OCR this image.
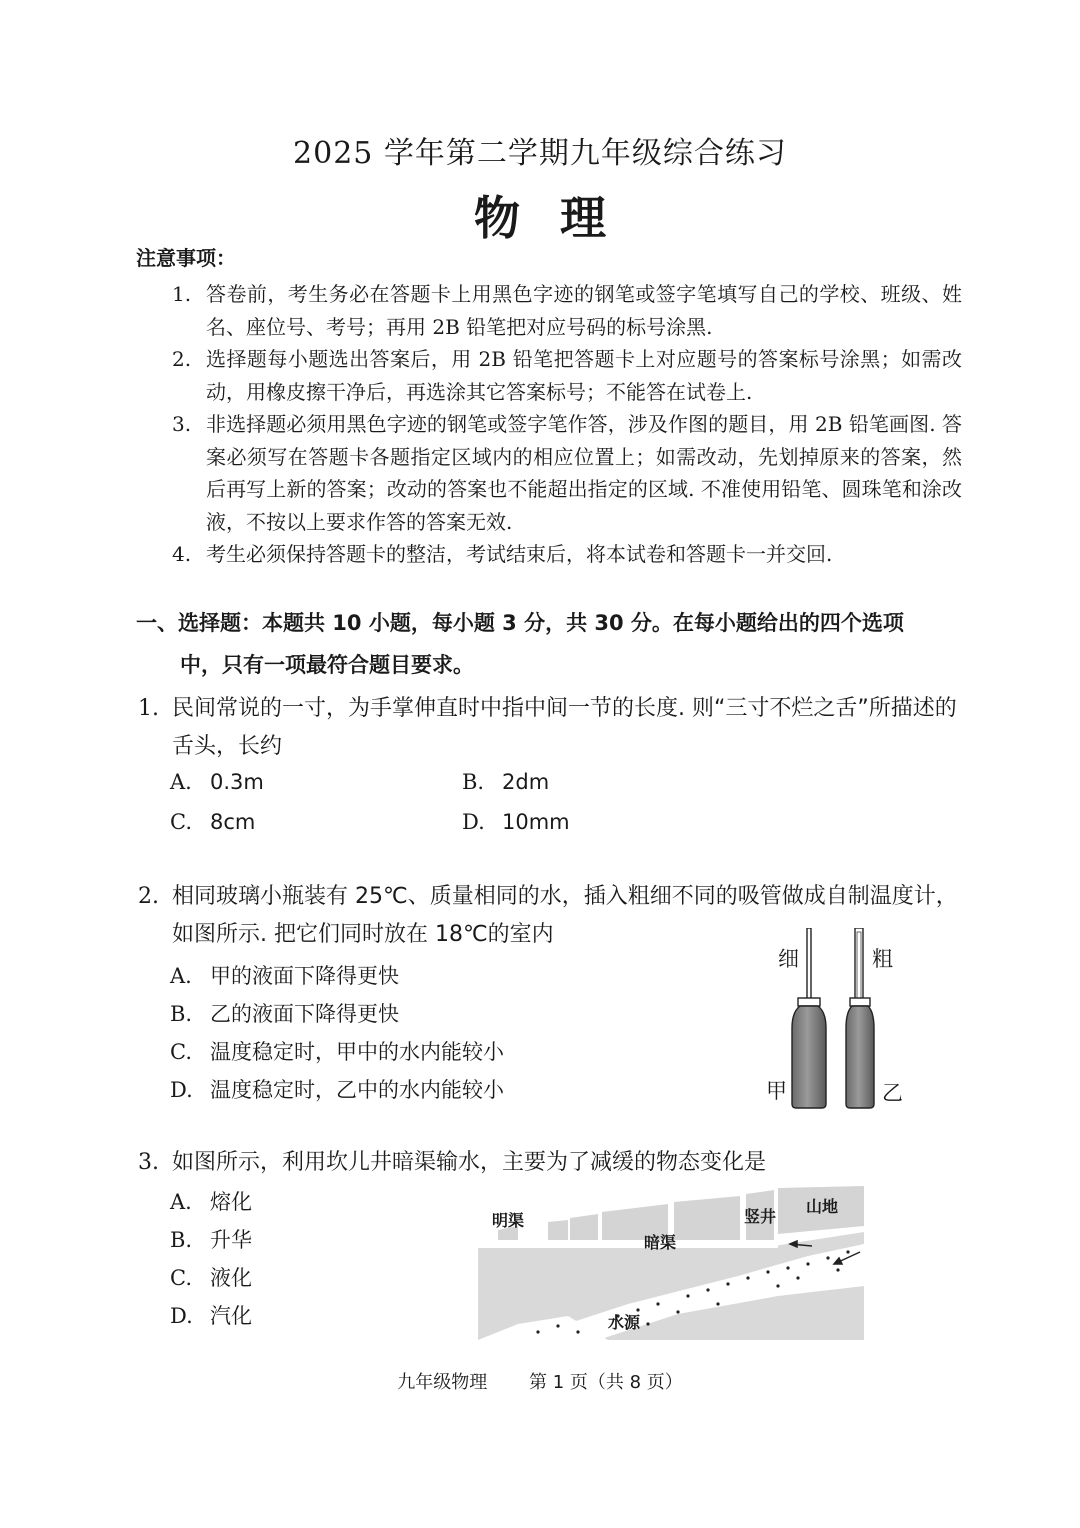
2025 学年第二学期九年级综合练习
物理
注意事项：
1. 答卷前，考生务必在答题卡上用黑色字迹的钢笔或签字笔填写自己的学校、班级、姓名、座位号、考号；再用 2B 铅笔把对应号码的标号涂黑.
2. 选择题每小题选出答案后，用 2B 铅笔把答题卡上对应题号的答案标号涂黑；如需改动，用橡皮擦干净后，再选涂其它答案标号；不能答在试卷上.
3. 非选择题必须用黑色字迹的钢笔或签字笔作答，涉及作图的题目，用 2B 铅笔画图. 答案必须写在答题卡各题指定区域内的相应位置上；如需改动，先划掉原来的答案，然后再写上新的答案；改动的答案也不能超出指定的区域. 不准使用铅笔、圆珠笔和涂改液，不按以上要求作答的答案无效.
4. 考生必须保持答题卡的整洁，考试结束后，将本试卷和答题卡一并交回.
一、选择题：本题共 10 小题，每小题 3 分，共 30 分。在每小题给出的四个选项
中，只有一项最符合题目要求。
1. 民间常说的一寸，为手掌伸直时中指中间一节的长度. 则“三寸不烂之舌”所描述的舌头，长约
A. 0.3m	B. 2dm
C. 8cm	D. 10mm
2. 相同玻璃小瓶装有 25℃、质量相同的水，插入粗细不同的吸管做成自制温度计，如图所示. 把它们同时放在 18℃的室内
A. 甲的液面下降得更快
B. 乙的液面下降得更快
C. 温度稳定时，甲中的水内能较小
D. 温度稳定时，乙中的水内能较小
细	粗
甲	乙
3. 如图所示，利用坎儿井暗渠输水，主要为了减缓的物态变化是
A. 熔化
B. 升华
C. 液化
D. 汽化
明渠
暗渠
竖井
山地
水源
九年级物理 第 1 页（共 8 页）
